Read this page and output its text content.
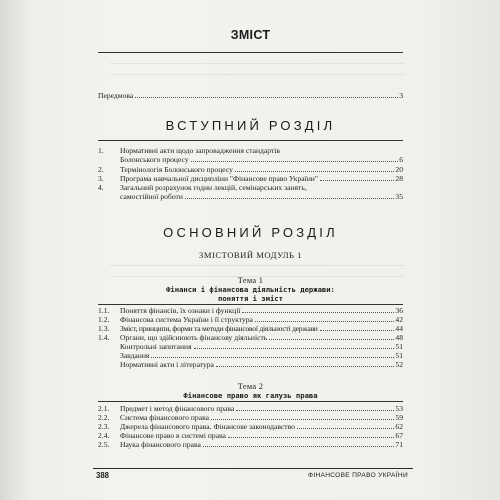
ЗМІСТ
Передмова	3
ВСТУПНИЙ РОЗДІЛ
1.	Нормативні акти щодо запровадження стандартів
Болонського процесу	6
2.	Термінологія Болонського процесу	20
3.	Програма навчальної дисципліни "Фінансове право України"	28
4.	Загальний розрахунок годин лекцій, семінарських занять,
самостійної роботи	35
ОСНОВНИЙ РОЗДІЛ
ЗМІСТОВИЙ МОДУЛЬ 1
Тема 1
Фінанси і фінансова діяльність держави:
поняття і зміст
1.1.	Поняття фінансів, їх ознаки і функції	36
1.2.	Фінансова система України і її структура	42
1.3.	Зміст, принципи, форми та методи фінансової діяльності держави	44
1.4.	Органи, що здійснюють фінансову діяльність	48
Контрольні запитання	51
Завдання	51
Нормативні акти і література	52
Тема 2
Фінансове право як галузь права
2.1.	Предмет і метод фінансового права	53
2.2.	Система фінансового права	59
2.3.	Джерела фінансового права. Фінансове законодавство	62
2.4.	Фінансове право в системі права	67
2.5.	Наука фінансового права	71
388	ФІНАНСОВЕ ПРАВО УКРАЇНИ
